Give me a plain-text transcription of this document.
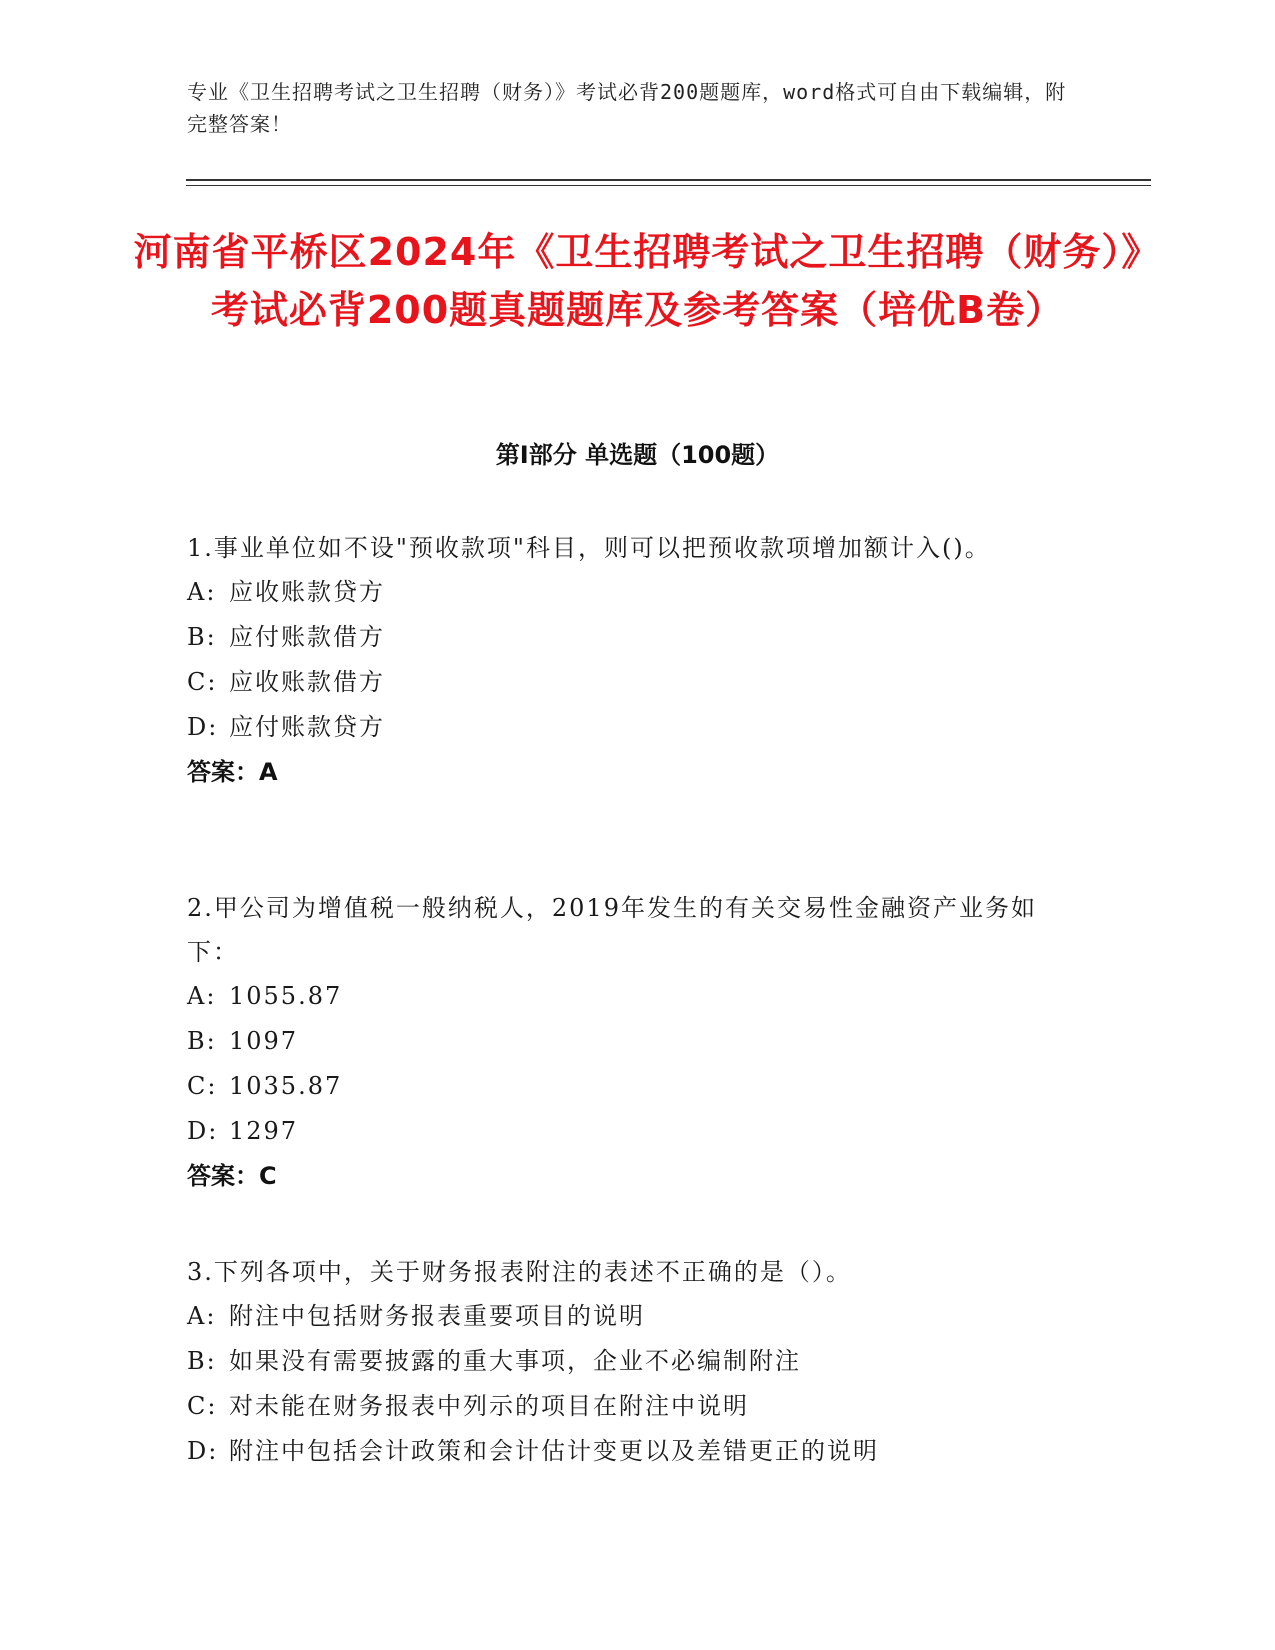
专业《卫生招聘考试之卫生招聘（财务）》考试必背200题题库，word格式可自由下载编辑，附完整答案！
河南省平桥区2024年《卫生招聘考试之卫生招聘（财务）》考试必背200题真题题库及参考答案（培优B卷）
第Ⅰ部分 单选题（100题）
1.事业单位如不设"预收款项"科目，则可以把预收款项增加额计入()。
A: 应收账款贷方
B: 应付账款借方
C: 应收账款借方
D: 应付账款贷方
答案：A
2.甲公司为增值税一般纳税人，2019年发生的有关交易性金融资产业务如下：
A: 1055.87
B: 1097
C: 1035.87
D: 1297
答案：C
3.下列各项中，关于财务报表附注的表述不正确的是（）。
A: 附注中包括财务报表重要项目的说明
B: 如果没有需要披露的重大事项，企业不必编制附注
C: 对未能在财务报表中列示的项目在附注中说明
D: 附注中包括会计政策和会计估计变更以及差错更正的说明
